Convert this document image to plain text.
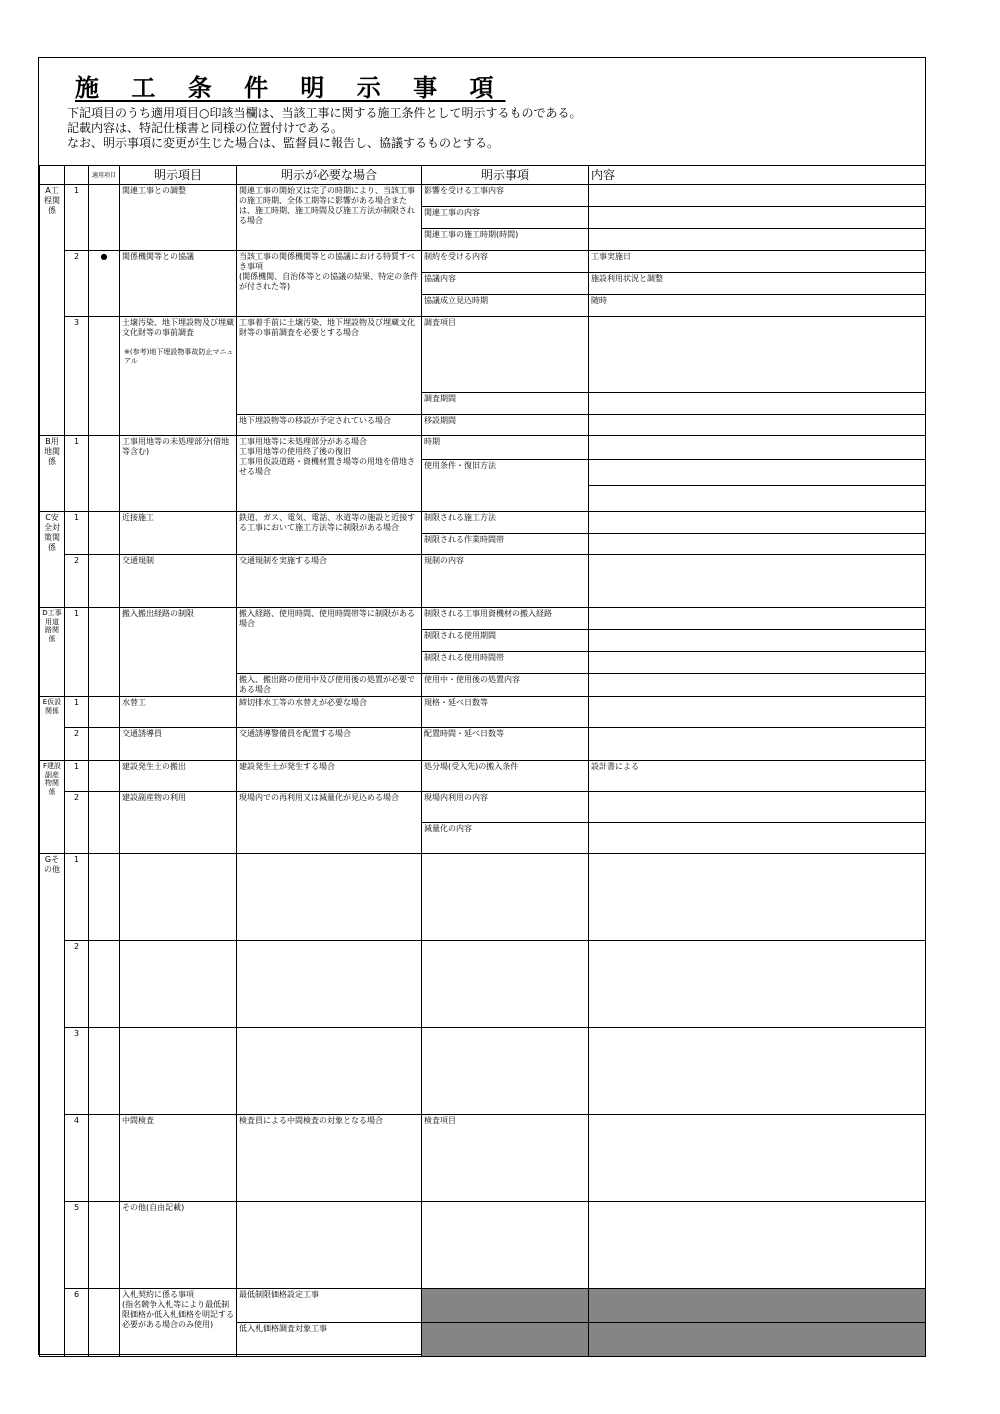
施 工 条 件 明 示 事 項
下記項目のうち適用項目○印該当欄は、当該工事に関する施工条件として明示するものである。
記載内容は、特記仕様書と同様の位置付けである。
なお、明示事項に変更が生じた場合は、監督員に報告し、協議するものとする。
		適用項目	明示項目	明示が必要な場合	明示事項	内容
A工程関係	1		関連工事との調整	関連工事の開始又は完了の時期により、当該工事の施工時期、全体工期等に影響がある場合または、施工時期、施工時間及び施工方法が制限される場合	影響を受ける工事内容	
					関連工事の内容	
					関連工事の施工時期(時間)	
	2	●	関係機関等との協議	当該工事の関係機関等との協議における特質すべき事項
(関係機関、自治体等との協議の結果、特定の条件が付された等)	制約を受ける内容	工事実施日
					協議内容	施設利用状況と調整
					協議成立見込時期	随時
	3		土壌汚染、地下埋設物及び埋蔵文化財等の事前調査
※(参考)地下埋設物事故防止マニュアル	工事着手前に土壌汚染、地下埋設物及び埋蔵文化財等の事前調査を必要とする場合	調査項目	
					調査期間	

				地下埋設物等の移設が予定されている場合	移設期間	
B用地関係	1		工事用地等の未処理部分(借地等含む)	工事用地等に未処理部分がある場合
工事用地等の使用終了後の復旧
工事用仮設道路・資機材置き場等の用地を借地させる場合	時期	
					使用条件・復旧方法	

C安全対策関係	1		近接施工	鉄道、ガス、電気、電話、水道等の施設と近接する工事において施工方法等に制限がある場合	制限される施工方法	
					制限される作業時間帯	
	2		交通規制	交通規制を実施する場合	規制の内容	
D工事用道路関係	1		搬入搬出経路の制限	搬入経路、使用時間、使用時間帯等に制限がある場合	制限される工事用資機材の搬入経路	
					制限される使用期間	
					制限される使用時間帯	
				搬入、搬出路の使用中及び使用後の処置が必要である場合	使用中・使用後の処置内容	
E仮設関係	1		水替工	締切排水工等の水替えが必要な場合	規格・延べ日数等	
	2		交通誘導員	交通誘導警備員を配置する場合	配置時間・延べ日数等	
F建設副産物関係	1		建設発生土の搬出	建設発生土が発生する場合	処分場(受入先)の搬入条件	設計書による
	2		建設副産物の利用	現場内での再利用又は減量化が見込める場合	現場内利用の内容	
					減量化の内容	
Gその他	1					
	2					
	3					
	4		中間検査	検査員による中間検査の対象となる場合	検査項目	
	5		その他(自由記載)			
	6		入札契約に係る事項
(指名競争入札等により最低制限価格か低入札価格を明記する必要がある場合のみ使用)	最低制限価格設定工事		
				低入札価格調査対象工事		
